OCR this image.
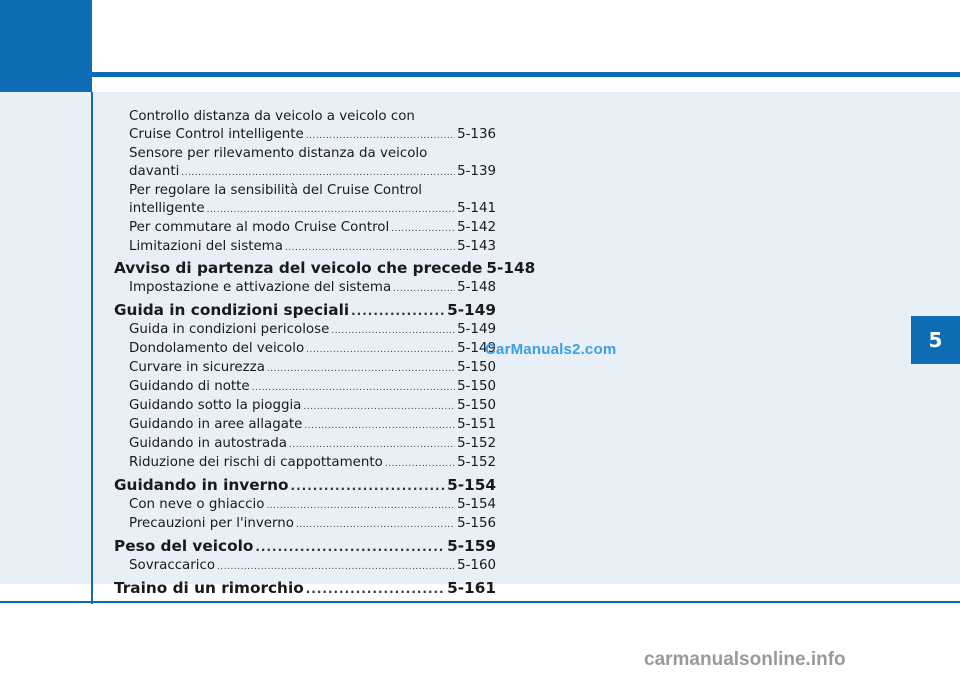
5
Controllo distanza da veicolo a veicolo con
Cruise Control intelligente .....	5-136
Sensore per rilevamento distanza da veicolo
davanti .....	5-139
Per regolare la sensibilità del Cruise Control
intelligente .....	5-141
Per commutare al modo Cruise Control .....	5-142
Limitazioni del sistema .....	5-143
Avviso di partenza del veicolo che precede 5-148
Impostazione e attivazione del sistema .....	5-148
Guida in condizioni speciali .....	5-149
Guida in condizioni pericolose .....	5-149
Dondolamento del veicolo .....	5-149
Curvare in sicurezza .....	5-150
Guidando di notte .....	5-150
Guidando sotto la pioggia .....	5-150
Guidando in aree allagate .....	5-151
Guidando in autostrada .....	5-152
Riduzione dei rischi di cappottamento .....	5-152
Guidando in inverno .....	5-154
Con neve o ghiaccio .....	5-154
Precauzioni per l'inverno .....	5-156
Peso del veicolo .....	5-159
Sovraccarico .....	5-160
Traino di un rimorchio .....	5-161
CarManuals2.com
carmanualsonline.info
